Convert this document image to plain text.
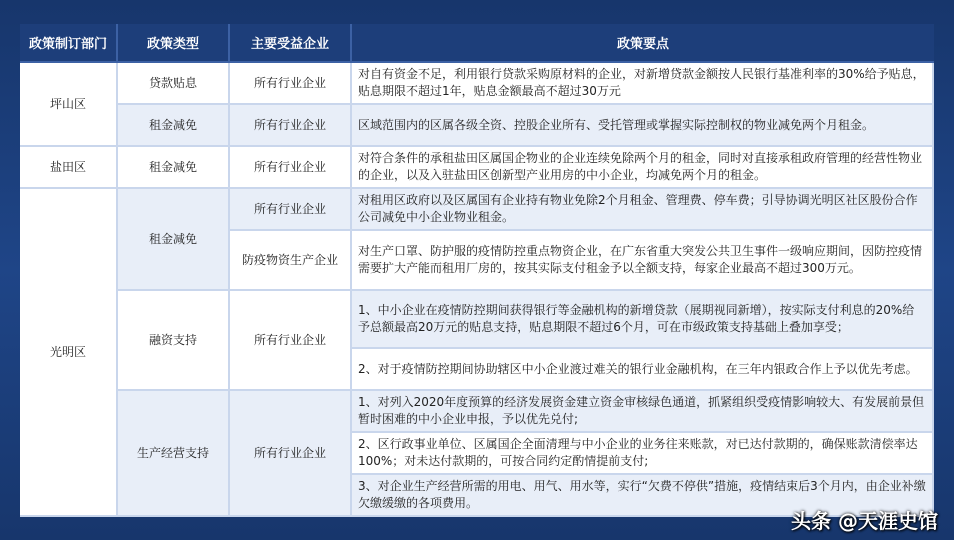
政策制订部门	政策类型	主要受益企业	政策要点
坪山区	贷款贴息	所有行业企业	对自有资金不足，利用银行贷款采购原材料的企业，对新增贷款金额按人民银行基准利率的30%给予贴息，贴息期限不超过1年，贴息金额最高不超过30万元
	租金减免	所有行业企业	区域范围内的区属各级全资、控股企业所有、受托管理或掌握实际控制权的物业减免两个月租金。
盐田区	租金减免	所有行业企业	对符合条件的承租盐田区属国企物业的企业连续免除两个月的租金，同时对直接承租政府管理的经营性物业的企业，以及入驻盐田区创新型产业用房的中小企业，均减免两个月的租金。
光明区	租金减免	所有行业企业	对租用区政府以及区属国有企业持有物业免除2个月租金、管理费、停车费；引导协调光明区社区股份合作公司减免中小企业物业租金。
		防疫物资生产企业	对生产口罩、防护服的疫情防控重点物资企业，在广东省重大突发公共卫生事件一级响应期间，因防控疫情需要扩大产能而租用厂房的，按其实际支付租金予以全额支持，每家企业最高不超过300万元。
	融资支持	所有行业企业	1、中小企业在疫情防控期间获得银行等金融机构的新增贷款（展期视同新增），按实际支付利息的20%给予总额最高20万元的贴息支持，贴息期限不超过6个月，可在市级政策支持基础上叠加享受；
			2、对于疫情防控期间协助辖区中小企业渡过难关的银行业金融机构，在三年内银政合作上予以优先考虑。
	生产经营支持	所有行业企业	1、对列入2020年度预算的经济发展资金建立资金审核绿色通道，抓紧组织受疫情影响较大、有发展前景但暂时困难的中小企业申报，予以优先兑付;
			2、区行政事业单位、区属国企全面清理与中小企业的业务往来账款，对已达付款期的，确保账款清偿率达100%；对未达付款期的，可按合同约定酌情提前支付;
			3、对企业生产经营所需的用电、用气、用水等，实行“欠费不停供”措施，疫情结束后3个月内，由企业补缴欠缴缓缴的各项费用。
头条 @天涯史馆
